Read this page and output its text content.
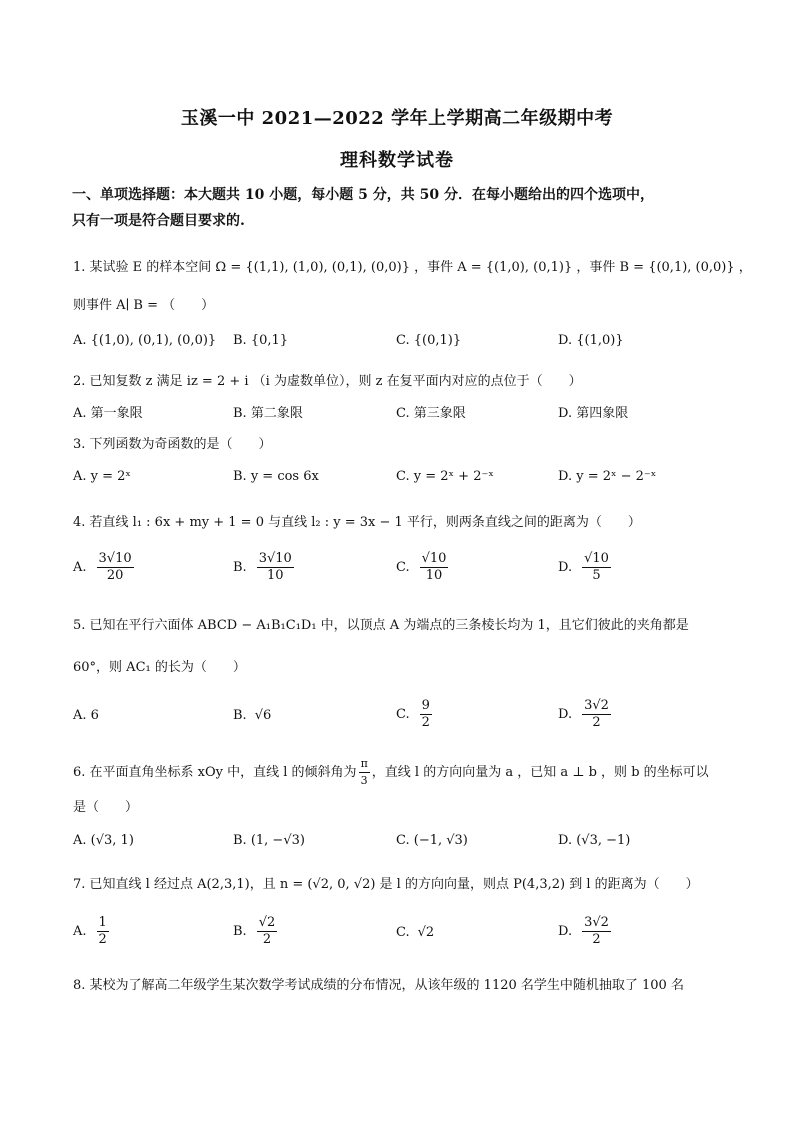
玉溪一中 2021—2022 学年上学期高二年级期中考
理科数学试卷
一、单项选择题：本大题共 10 小题，每小题 5 分，共 50 分．在每小题给出的四个选项中，
只有一项是符合题目要求的.
1. 某试验 E 的样本空间 Ω = {(1,1), (1,0), (0,1), (0,0)} ，事件 A = {(1,0), (0,1)} ，事件 B = {(0,1), (0,0)} ，
则事件 A∣ B = （　　）
A. {(1,0), (0,1), (0,0)} B. {0,1}	C. {(0,1)}	D. {(1,0)}
2. 已知复数 z 满足 iz = 2 + i （i 为虚数单位），则 z 在复平面内对应的点位于（　　）
A. 第一象限	B. 第二象限	C. 第三象限	D. 第四象限
3. 下列函数为奇函数的是（　　）
A. y = 2ˣ	B. y = cos 6x	C. y = 2ˣ + 2⁻ˣ	D. y = 2ˣ − 2⁻ˣ
4. 若直线 l₁ : 6x + my + 1 = 0 与直线 l₂ : y = 3x − 1 平行，则两条直线之间的距离为（　　）
A. $\frac{3√10}{20}$	B. $\frac{3√10}{10}$	C. $\frac{√10}{10}$	D. $\frac{√10}{5}$
5. 已知在平行六面体 ABCD − A₁B₁C₁D₁ 中，以顶点 A 为端点的三条棱长均为 1，且它们彼此的夹角都是
60°，则 AC₁ 的长为（　　）
A. 6	B. √6	C. $\frac{9}{2}$	D. $\frac{3√2}{2}$
6. 在平面直角坐标系 xOy 中，直线 l 的倾斜角为 $\frac{\pi}{3}$ ，直线 l 的方向向量为 a ，已知 a ⊥ b ，则 b 的坐标可以
是（　　）
A. (√3, 1)	B. (1, −√3)	C. (−1, √3)	D. (√3, −1)
7. 已知直线 l 经过点 A(2,3,1)，且 n = (√2, 0, √2) 是 l 的方向向量，则点 P(4,3,2) 到 l 的距离为（　　）
A. $\frac{1}{2}$	B. $\frac{√2}{2}$	C. √2	D. $\frac{3√2}{2}$
8. 某校为了解高二年级学生某次数学考试成绩的分布情况，从该年级的 1120 名学生中随机抽取了 100 名
